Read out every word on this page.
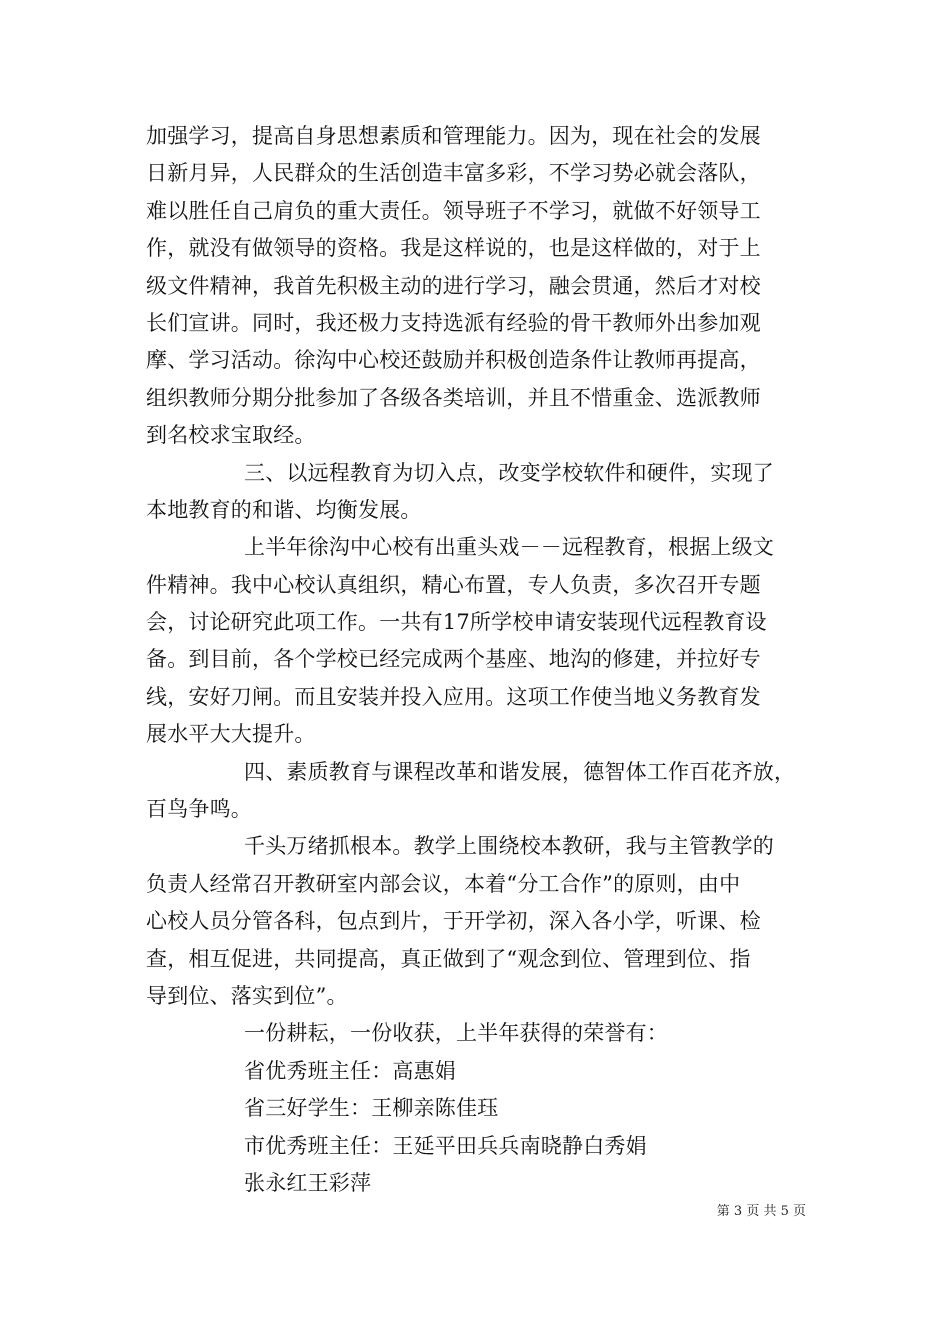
加强学习，提高自身思想素质和管理能力。因为，现在社会的发展
日新月异，人民群众的生活创造丰富多彩，不学习势必就会落队，
难以胜任自己肩负的重大责任。领导班子不学习，就做不好领导工
作，就没有做领导的资格。我是这样说的，也是这样做的，对于上
级文件精神，我首先积极主动的进行学习，融会贯通，然后才对校
长们宣讲。同时，我还极力支持选派有经验的骨干教师外出参加观
摩、学习活动。徐沟中心校还鼓励并积极创造条件让教师再提高，
组织教师分期分批参加了各级各类培训，并且不惜重金、选派教师
到名校求宝取经。
三、以远程教育为切入点，改变学校软件和硬件，实现了
本地教育的和谐、均衡发展。
上半年徐沟中心校有出重头戏－－远程教育，根据上级文
件精神。我中心校认真组织，精心布置，专人负责，多次召开专题
会，讨论研究此项工作。一共有17所学校申请安装现代远程教育设
备。到目前，各个学校已经完成两个基座、地沟的修建，并拉好专
线，安好刀闸。而且安装并投入应用。这项工作使当地义务教育发
展水平大大提升。
四、素质教育与课程改革和谐发展，德智体工作百花齐放，
百鸟争鸣。
千头万绪抓根本。教学上围绕校本教研，我与主管教学的
负责人经常召开教研室内部会议，本着“分工合作”的原则，由中
心校人员分管各科，包点到片，于开学初，深入各小学，听课、检
查，相互促进，共同提高，真正做到了“观念到位、管理到位、指
导到位、落实到位”。
一份耕耘，一份收获，上半年获得的荣誉有：
省优秀班主任：高惠娟
省三好学生：王柳亲陈佳珏
市优秀班主任：王延平田兵兵南晓静白秀娟
张永红王彩萍
第 3 页 共 5 页
